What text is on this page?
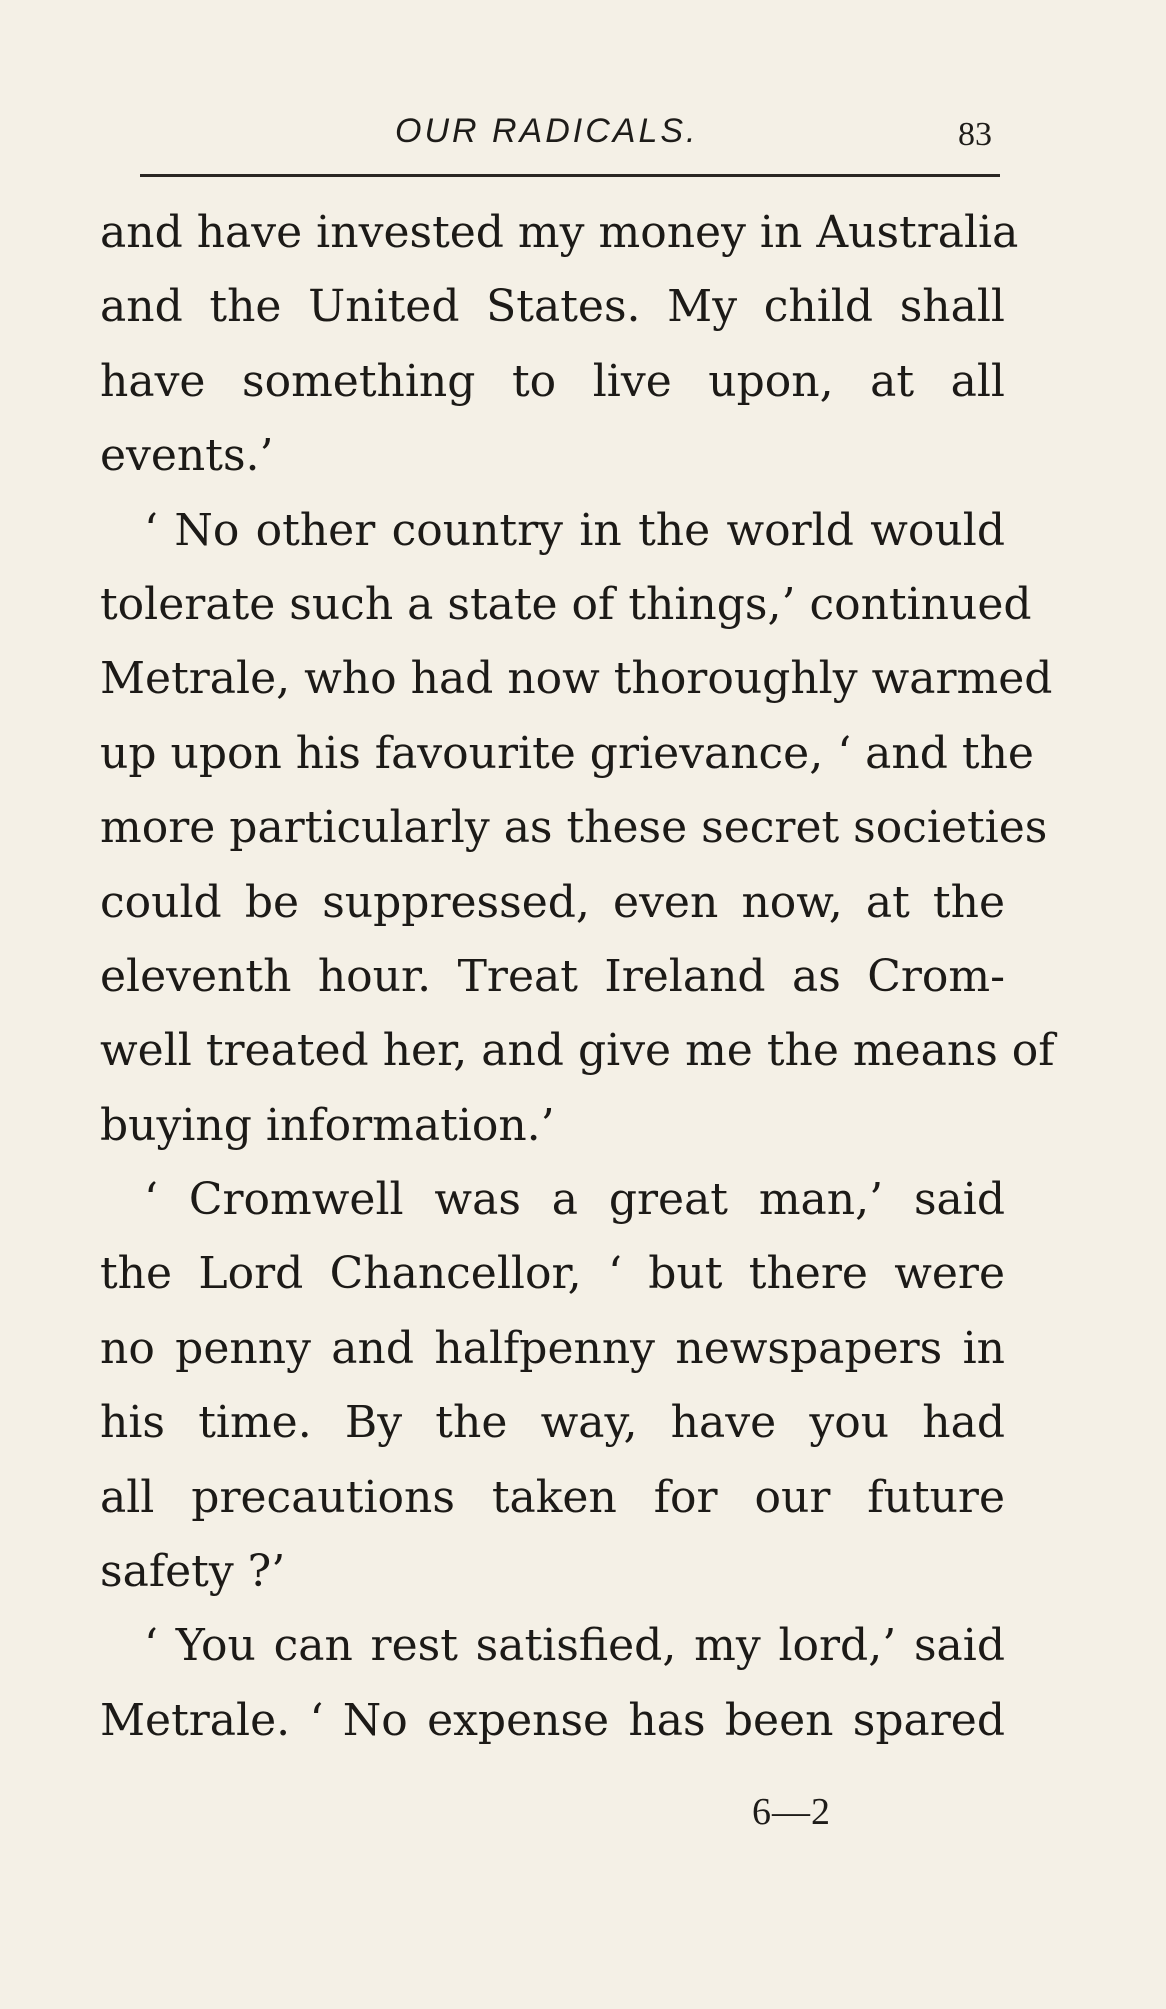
OUR RADICALS.	83
and have invested my money in Australia
and the United States. My child shall
have something to live upon, at all
events.’
‘ No other country in the world would
tolerate such a state of things,’ continued
Metrale, who had now thoroughly warmed
up upon his favourite grievance, ‘ and the
more particularly as these secret societies
could be suppressed, even now, at the
eleventh hour. Treat Ireland as Crom-
well treated her, and give me the means of
buying information.’
‘ Cromwell was a great man,’ said
the Lord Chancellor, ‘ but there were
no penny and halfpenny newspapers in
his time. By the way, have you had
all precautions taken for our future
safety ?’
‘ You can rest satisfied, my lord,’ said
Metrale. ‘ No expense has been spared
6—2
